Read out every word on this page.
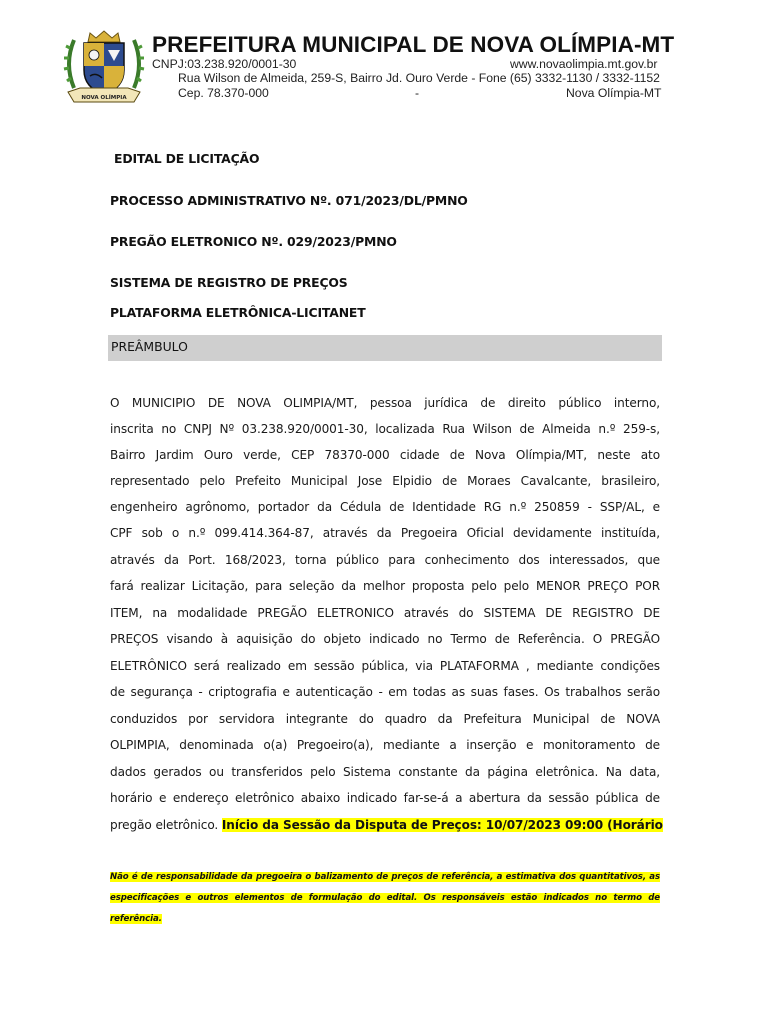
NOVA OLÍMPIA
PREFEITURA MUNICIPAL DE NOVA OLÍMPIA-MT
CNPJ:03.238.920/0001-30	www.novaolimpia.mt.gov.br
Rua Wilson de Almeida, 259-S, Bairro Jd. Ouro Verde - Fone (65) 3332-1130 / 3332-1152
Cep. 78.370-000	-	Nova Olímpia-MT
EDITAL DE LICITAÇÃO
PROCESSO ADMINISTRATIVO Nº. 071/2023/DL/PMNO
PREGÃO ELETRONICO Nº. 029/2023/PMNO
SISTEMA DE REGISTRO DE PREÇOS
PLATAFORMA ELETRÔNICA-LICITANET
PREÂMBULO
O MUNICIPIO DE NOVA OLIMPIA/MT, pessoa jurídica de direito público interno,
inscrita no CNPJ Nº 03.238.920/0001-30, localizada Rua Wilson de Almeida n.º 259-s,
Bairro Jardim Ouro verde, CEP 78370-000 cidade de Nova Olímpia/MT, neste ato
representado pelo Prefeito Municipal Jose Elpidio de Moraes Cavalcante, brasileiro,
engenheiro agrônomo, portador da Cédula de Identidade RG n.º 250859 - SSP/AL, e
CPF sob o n.º 099.414.364-87, através da Pregoeira Oficial devidamente instituída,
através da Port. 168/2023, torna público para conhecimento dos interessados, que
fará realizar Licitação, para seleção da melhor proposta pelo pelo MENOR PREÇO POR
ITEM, na modalidade PREGÃO ELETRONICO através do SISTEMA DE REGISTRO DE
PREÇOS visando à aquisição do objeto indicado no Termo de Referência. O PREGÃO
ELETRÔNICO será realizado em sessão pública, via PLATAFORMA , mediante condições
de segurança - criptografia e autenticação - em todas as suas fases. Os trabalhos serão
conduzidos por servidora integrante do quadro da Prefeitura Municipal de NOVA
OLPIMPIA, denominada o(a) Pregoeiro(a), mediante a inserção e monitoramento de
dados gerados ou transferidos pelo Sistema constante da página eletrônica. Na data,
horário e endereço eletrônico abaixo indicado far-se-á a abertura da sessão pública de
pregão eletrônico. Início da Sessão da Disputa de Preços: 10/07/2023 09:00 (Horário
Não é de responsabilidade da pregoeira o balizamento de preços de referência, a estimativa dos quantitativos, as
especificações e outros elementos de formulação do edital. Os responsáveis estão indicados no termo de
referência.
